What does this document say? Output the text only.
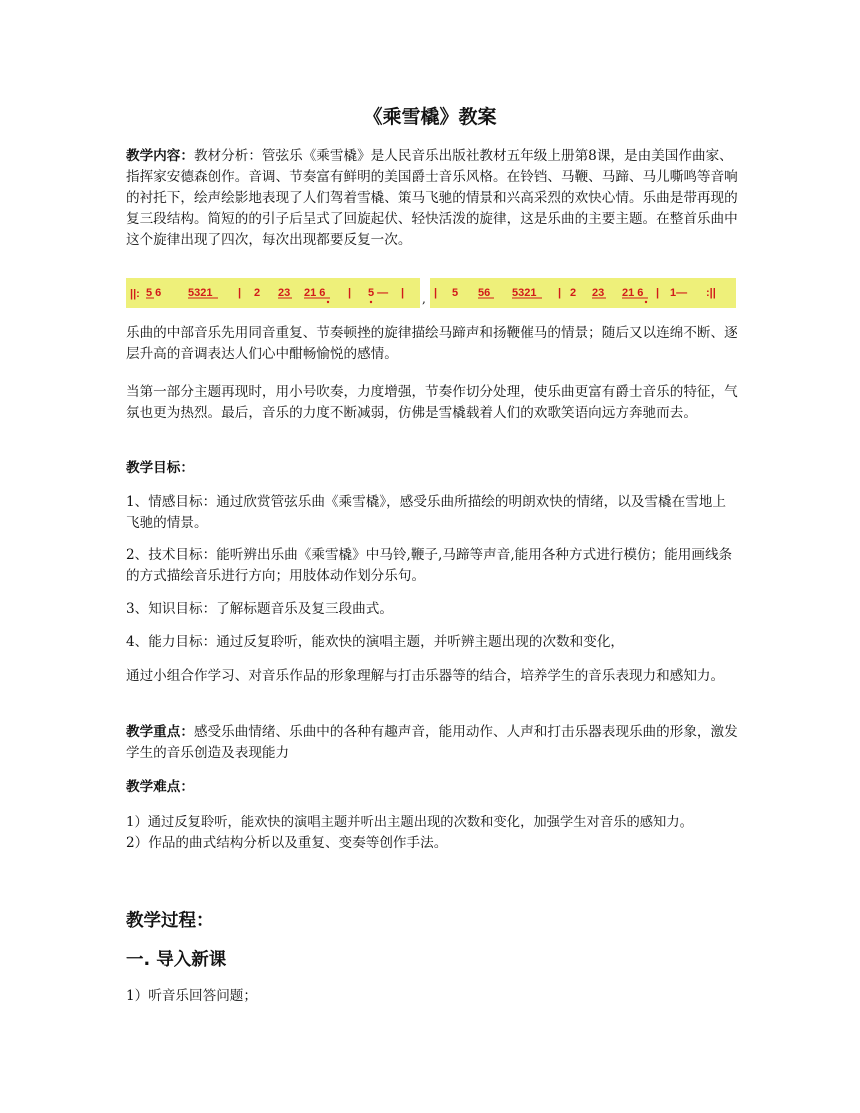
《乘雪橇》教案

教学内容：教材分析：管弦乐《乘雪橇》是人民音乐出版社教材五年级上册第8课，是由美国作曲家、指挥家安德森创作。音调、节奏富有鲜明的美国爵士音乐风格。在铃铛、马鞭、马蹄、马儿嘶鸣等音响的衬托下，绘声绘影地表现了人们驾着雪橇、策马飞驰的情景和兴高采烈的欢快心情。乐曲是带再现的复三段结构。简短的的引子后呈式了回旋起伏、轻快活泼的旋律，这是乐曲的主要主题。在整首乐曲中这个旋律出现了四次，每次出现都要反复一次。

||: 5 6 5321 | 2 23 21 6 | 5 — | , | 5 56 5321 | 2 23 21 6 | 1— :||

乐曲的中部音乐先用同音重复、节奏顿挫的旋律描绘马蹄声和扬鞭催马的情景；随后又以连绵不断、逐层升高的音调表达人们心中酣畅愉悦的感情。

当第一部分主题再现时，用小号吹奏，力度增强，节奏作切分处理，使乐曲更富有爵士音乐的特征，气氛也更为热烈。最后，音乐的力度不断减弱，仿佛是雪橇载着人们的欢歌笑语向远方奔驰而去。

教学目标：

1、情感目标：通过欣赏管弦乐曲《乘雪橇》，感受乐曲所描绘的明朗欢快的情绪，以及雪橇在雪地上飞驰的情景。

2、技术目标：能听辨出乐曲《乘雪橇》中马铃,鞭子,马蹄等声音,能用各种方式进行模仿；能用画线条的方式描绘音乐进行方向；用肢体动作划分乐句。

3、知识目标：了解标题音乐及复三段曲式。

4、能力目标：通过反复聆听，能欢快的演唱主题，并听辨主题出现的次数和变化，

通过小组合作学习、对音乐作品的形象理解与打击乐器等的结合，培养学生的音乐表现力和感知力。

教学重点：感受乐曲情绪、乐曲中的各种有趣声音，能用动作、人声和打击乐器表现乐曲的形象，激发学生的音乐创造及表现能力

教学难点：

1）通过反复聆听，能欢快的演唱主题并听出主题出现的次数和变化，加强学生对音乐的感知力。

2）作品的曲式结构分析以及重复、变奏等创作手法。

教学过程：
一. 导入新课

1）听音乐回答问题；
